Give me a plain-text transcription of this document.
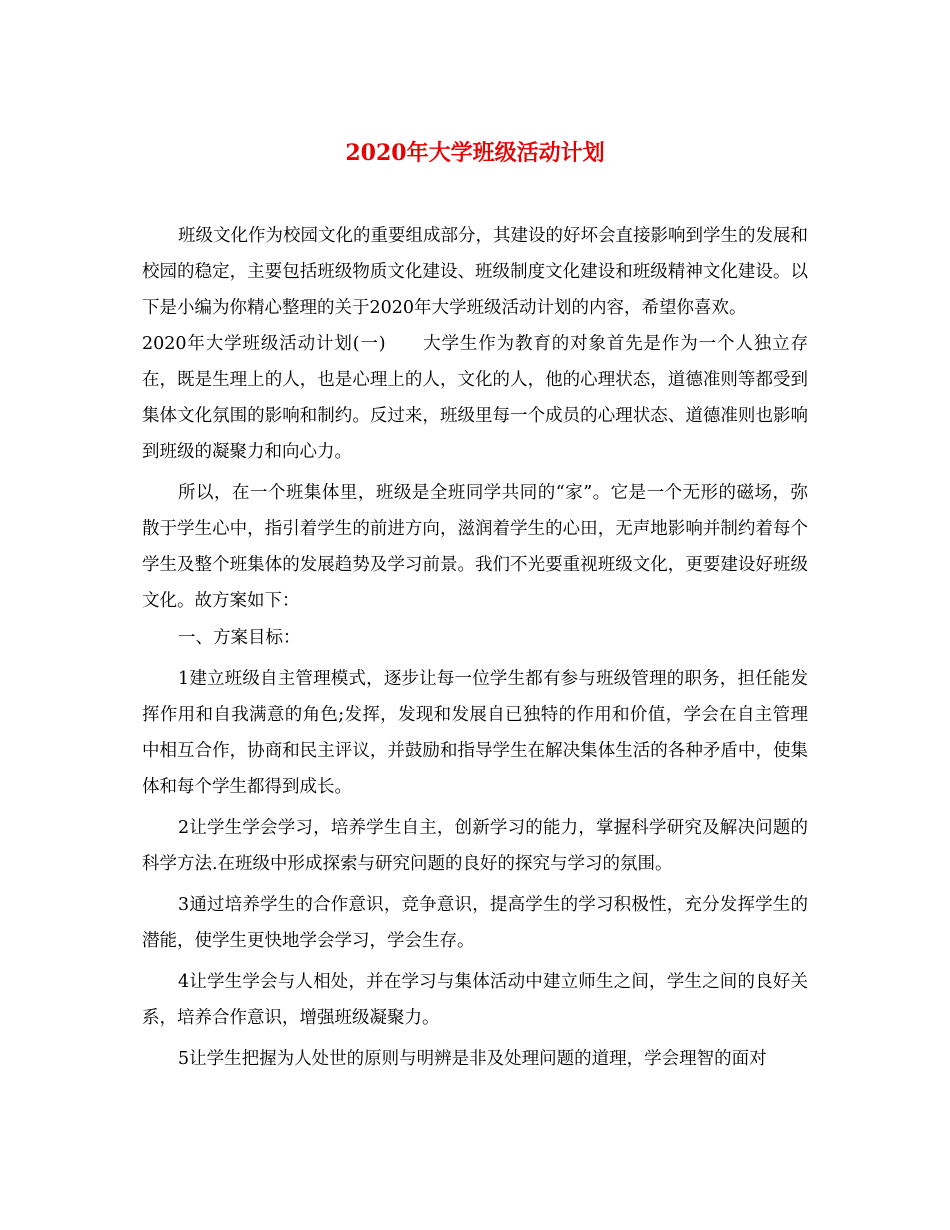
2020年大学班级活动计划

班级文化作为校园文化的重要组成部分，其建设的好坏会直接影响到学生的发展和校园的稳定，主要包括班级物质文化建设、班级制度文化建设和班级精神文化建设。以下是小编为你精心整理的关于2020年大学班级活动计划的内容，希望你喜欢。

2020年大学班级活动计划(一)　　大学生作为教育的对象首先是作为一个人独立存在，既是生理上的人，也是心理上的人，文化的人，他的心理状态，道德准则等都受到集体文化氛围的影响和制约。反过来，班级里每一个成员的心理状态、道德准则也影响到班级的凝聚力和向心力。

所以，在一个班集体里，班级是全班同学共同的“家”。它是一个无形的磁场，弥散于学生心中，指引着学生的前进方向，滋润着学生的心田，无声地影响并制约着每个学生及整个班集体的发展趋势及学习前景。我们不光要重视班级文化，更要建设好班级文化。故方案如下：

一、方案目标：

1建立班级自主管理模式，逐步让每一位学生都有参与班级管理的职务，担任能发挥作用和自我满意的角色;发挥，发现和发展自已独特的作用和价值，学会在自主管理中相互合作，协商和民主评议，并鼓励和指导学生在解决集体生活的各种矛盾中，使集体和每个学生都得到成长。

2让学生学会学习，培养学生自主，创新学习的能力，掌握科学研究及解决问题的科学方法.在班级中形成探索与研究问题的良好的探究与学习的氛围。

3通过培养学生的合作意识，竞争意识，提高学生的学习积极性，充分发挥学生的潜能，使学生更快地学会学习，学会生存。

4让学生学会与人相处，并在学习与集体活动中建立师生之间，学生之间的良好关系，培养合作意识，增强班级凝聚力。

5让学生把握为人处世的原则与明辨是非及处理问题的道理，学会理智的面对
